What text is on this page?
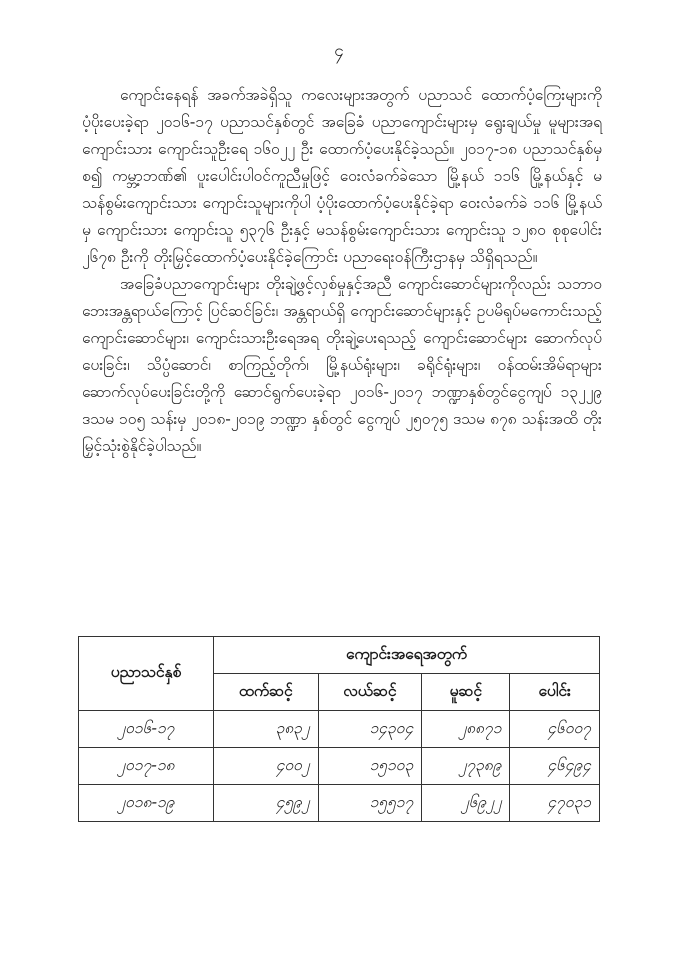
၄

ကျောင်းနေရန် အခက်အခဲရှိသူ ကလေးများအတွက် ပညာသင် ထောက်ပံ့ကြေးများကို ပံ့ပိုးပေးခဲ့ရာ ၂၀၁၆-၁၇ ပညာသင်နှစ်တွင် အခြေခံ ပညာကျောင်းများမှ ရွေးချယ်မှု မူများအရ ကျောင်းသား ကျောင်းသူဦးရေ ၁၆၀၂၂ ဦး ထောက်ပံ့ပေးနိုင်ခဲ့သည်။ ၂၀၁၇-၁၈ ပညာသင်နှစ်မှစ၍ ကမ္ဘာ့ဘဏ်၏ ပူးပေါင်းပါဝင်ကူညီမှုဖြင့် ဝေးလံခက်ခဲသော မြို့နယ် ၁၁၆ မြို့နယ်နှင့် မသန်စွမ်းကျောင်းသား ကျောင်းသူများကိုပါ ပံ့ပိုးထောက်ပံ့ပေးနိုင်ခဲ့ရာ ဝေးလံခက်ခဲ ၁၁၆ မြို့နယ်မှ ကျောင်းသား ကျောင်းသူ ၅၃၇၆ ဦးနှင့် မသန်စွမ်းကျောင်းသား ကျောင်းသူ ၁၂၈၀ စုစုပေါင်း ၂၆၇၈ ဦးကို တိုးမြှင့်ထောက်ပံ့ပေးနိုင်ခဲ့ကြောင်း ပညာရေးဝန်ကြီးဌာနမှ သိရှိရသည်။

အခြေခံပညာကျောင်းများ တိုးချဲ့ဖွင့်လှစ်မှုနှင့်အညီ ကျောင်းဆောင်များကိုလည်း သဘာဝဘေးအန္တရာယ်ကြောင့် ပြင်ဆင်ခြင်း၊ အန္တရာယ်ရှိ ကျောင်းဆောင်များနှင့် ဥပမိရုပ်မကောင်းသည့် ကျောင်းဆောင်များ၊ ကျောင်းသားဦးရေအရ တိုးချဲ့ပေးရသည့် ကျောင်းဆောင်များ ဆောက်လုပ်ပေးခြင်း၊ သိပ္ပံဆောင်၊ စာကြည့်တိုက်၊ မြို့နယ်ရုံးများ၊ ခရိုင်ရုံးများ၊ ဝန်ထမ်းအိမ်ရာများ ဆောက်လုပ်ပေးခြင်းတို့ကို ဆောင်ရွက်ပေးခဲ့ရာ ၂၀၁၆-၂၀၁၇ ဘဏ္ဍာနှစ်တွင်ငွေကျပ် ၁၃၂၂၉ ဒသမ ၁၀၅ သန်းမှ ၂၀၁၈-၂၀၁၉ ဘဏ္ဍာ နှစ်တွင် ငွေကျပ် ၂၅၀၇၅ ဒသမ ၈၇၈ သန်းအထိ တိုးမြှင့်သုံးစွဲနိုင်ခဲ့ပါသည်။

ပညာသင်နှစ်	ကျောင်းအရေအတွက်			
	ထက်ဆင့်	လယ်ဆင့်	မူဆင့်	ပေါင်း
၂၀၁၆-၁၇	၃၈၃၂	၁၄၃၀၄	၂၈၈၇၁	၄၆၀၀၇
၂၀၁၇-၁၈	၄၀၀၂	၁၅၁၀၃	၂၇၃၈၉	၄၆၄၉၄
၂၀၁၈-၁၉	၄၅၉၂	၁၅၅၁၇	၂၆၉၂၂	၄၇၀၃၁
